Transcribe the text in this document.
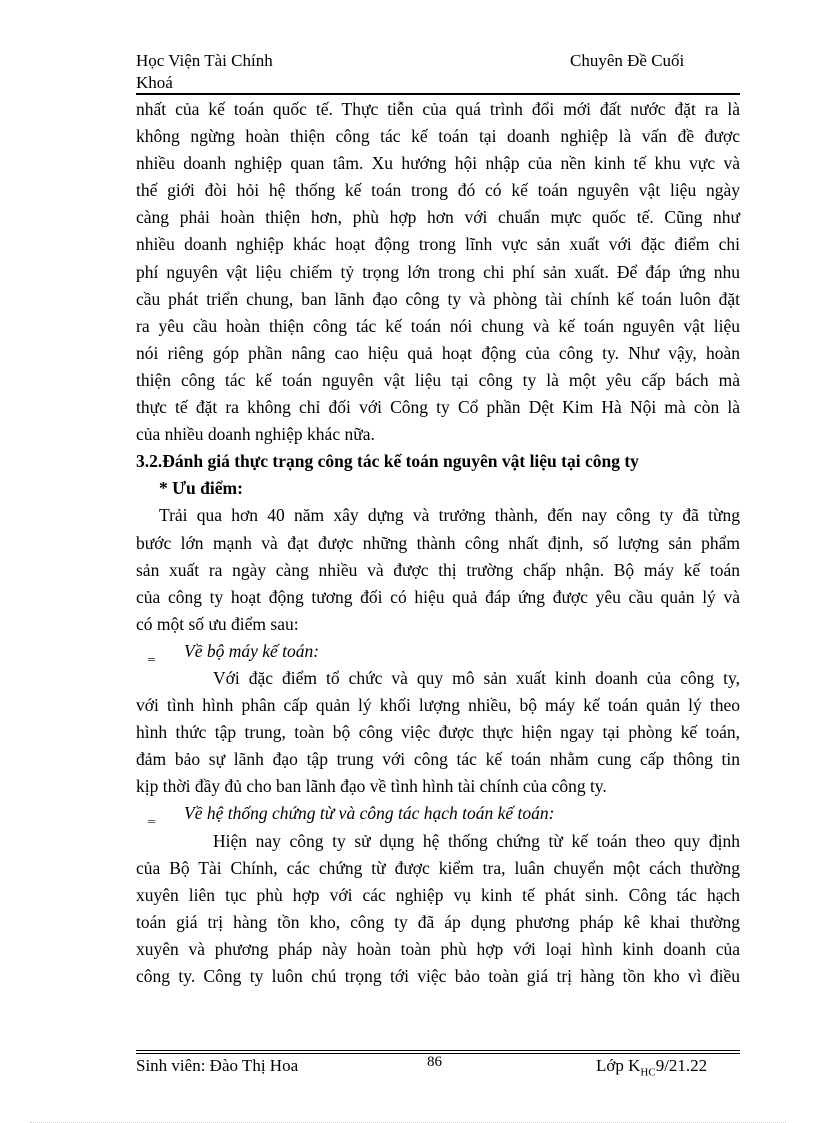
Học Viện Tài Chính	Chuyên Đề Cuối
Khoá
nhất của kế toán quốc tế. Thực tiễn của quá trình đổi mới đất nước đặt ra là
không ngừng hoàn thiện công tác kế toán tại doanh nghiệp là vấn đề được
nhiều doanh nghiệp quan tâm. Xu hướng hội nhập của nền kinh tế khu vực và
thế giới đòi hỏi hệ thống kế toán trong đó có kế toán nguyên vật liệu ngày
càng phải hoàn thiện hơn, phù hợp hơn với chuẩn mực quốc tế. Cũng như
nhiều doanh nghiệp khác hoạt động trong lĩnh vực sản xuất với đặc điểm chi
phí nguyên vật liệu chiếm tỷ trọng lớn trong chi phí sản xuất. Để đáp ứng nhu
cầu phát triển chung, ban lãnh đạo công ty và phòng tài chính kế toán luôn đặt
ra yêu cầu hoàn thiện công tác kế toán nói chung và kế toán nguyên vật liệu
nói riêng góp phần nâng cao hiệu quả hoạt động của công ty. Như vậy, hoàn
thiện công tác kế toán nguyên vật liệu tại công ty là một yêu cấp bách mà
thực tế đặt ra không chỉ đối với Công ty Cổ phần Dệt Kim Hà Nội mà còn là
của nhiều doanh nghiệp khác nữa.
3.2.Đánh giá thực trạng công tác kế toán nguyên vật liệu tại công ty
* Ưu điểm:
Trải qua hơn 40 năm xây dựng và trưởng thành, đến nay công ty đã từng
bước lớn mạnh và đạt được những thành công nhất định, số lượng sản phẩm
sản xuất ra ngày càng nhiều và được thị trường chấp nhận. Bộ máy kế toán
của công ty hoạt động tương đối có hiệu quả đáp ứng được yêu cầu quản lý và
có một số ưu điểm sau:
‗	Về bộ máy kế toán:
Với đặc điểm tổ chức và quy mô sản xuất kinh doanh của công ty,
với tình hình phân cấp quản lý khối lượng nhiều, bộ máy kế toán quản lý theo
hình thức tập trung, toàn bộ công việc được thực hiện ngay tại phòng kế toán,
đảm bảo sự lãnh đạo tập trung với công tác kế toán nhằm cung cấp thông tin
kịp thời đầy đủ cho ban lãnh đạo về tình hình tài chính của công ty.
‗	Về hệ thống chứng từ và công tác hạch toán kế toán:
Hiện nay công ty sử dụng hệ thống chứng từ kế toán theo quy định
của Bộ Tài Chính, các chứng từ được kiểm tra, luân chuyển một cách thường
xuyên liên tục phù hợp với các nghiệp vụ kinh tế phát sinh. Công tác hạch
toán giá trị hàng tồn kho, công ty đã áp dụng phương pháp kê khai thường
xuyên và phương pháp này hoàn toàn phù hợp với loại hình kinh doanh của
công ty. Công ty luôn chú trọng tới việc bảo toàn giá trị hàng tồn kho vì điều
Sinh viên: Đào Thị Hoa	86	Lớp $K_{HC}9/21.22$
